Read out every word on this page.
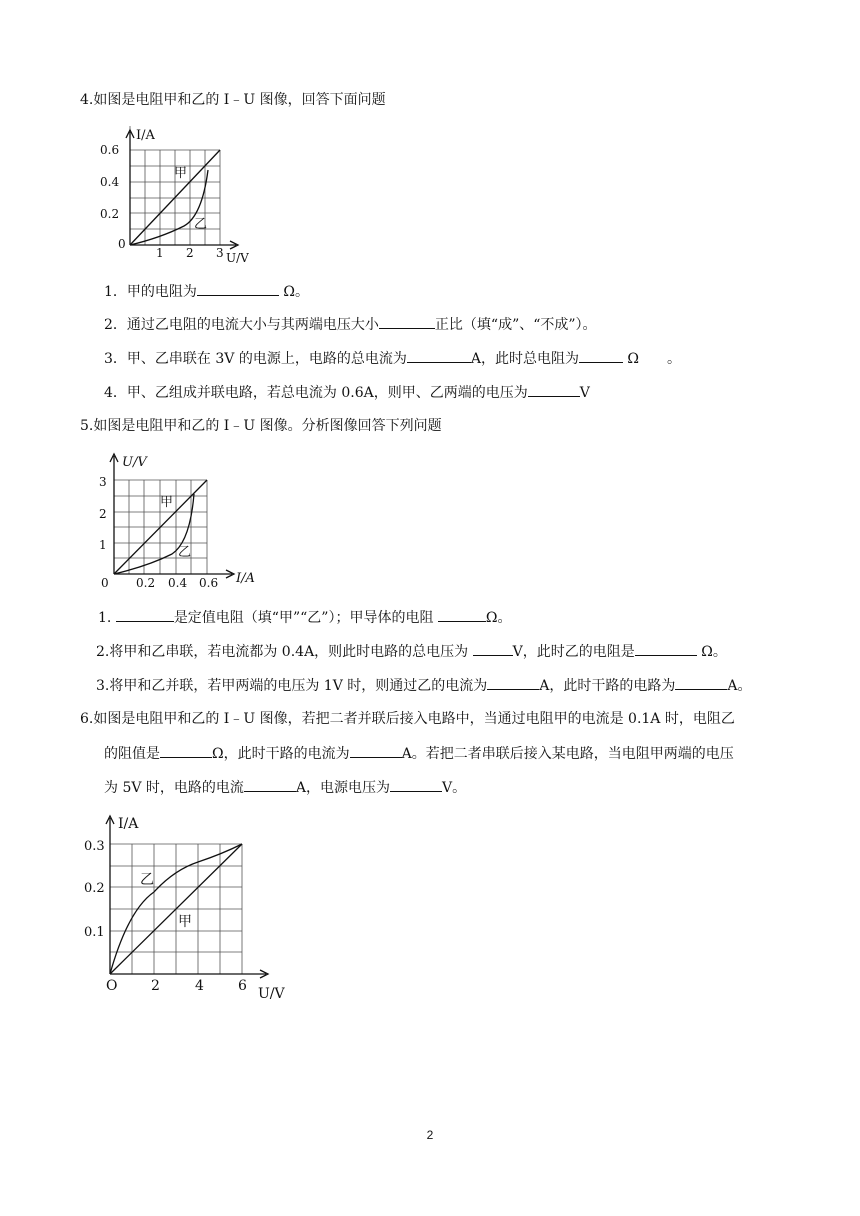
4.如图是电阻甲和乙的 I﹣U 图像，回答下面问题
I/A
0.6
0.4
0.2
0
1 2 3 U/V
甲
乙
1．甲的电阻为	Ω。
2．通过乙电阻的电流大小与其两端电压大小	正比（填“成”、“不成”）。
3．甲、乙串联在 3V 的电源上，电路的总电流为	A，此时总电阻为	Ω　　。
4．甲、乙组成并联电路，若总电流为 0.6A，则甲、乙两端的电压为	V
5.如图是电阻甲和乙的 I﹣U 图像。分析图像回答下列问题
U/V
3
2
1
0 0.2 0.4 0.6 I/A
甲
乙
1.	是定值电阻（填“甲”“乙”）；甲导体的电阻	Ω。
2.将甲和乙串联，若电流都为 0.4A，则此时电路的总电压为	V，此时乙的电阻是	Ω。
3.将甲和乙并联，若甲两端的电压为 1V 时，则通过乙的电流为	A，此时干路的电路为	A。
6.如图是电阻甲和乙的 I﹣U 图像，若把二者并联后接入电路中，当通过电阻甲的电流是 0.1A 时，电阻乙
的阻值是	Ω，此时干路的电流为	A。若把二者串联后接入某电路，当电阻甲两端的电压
为 5V 时，电路的电流	A，电源电压为	V。
I/A
0.3
0.2
0.1
O 2	4 6 U/V
乙
甲
2
